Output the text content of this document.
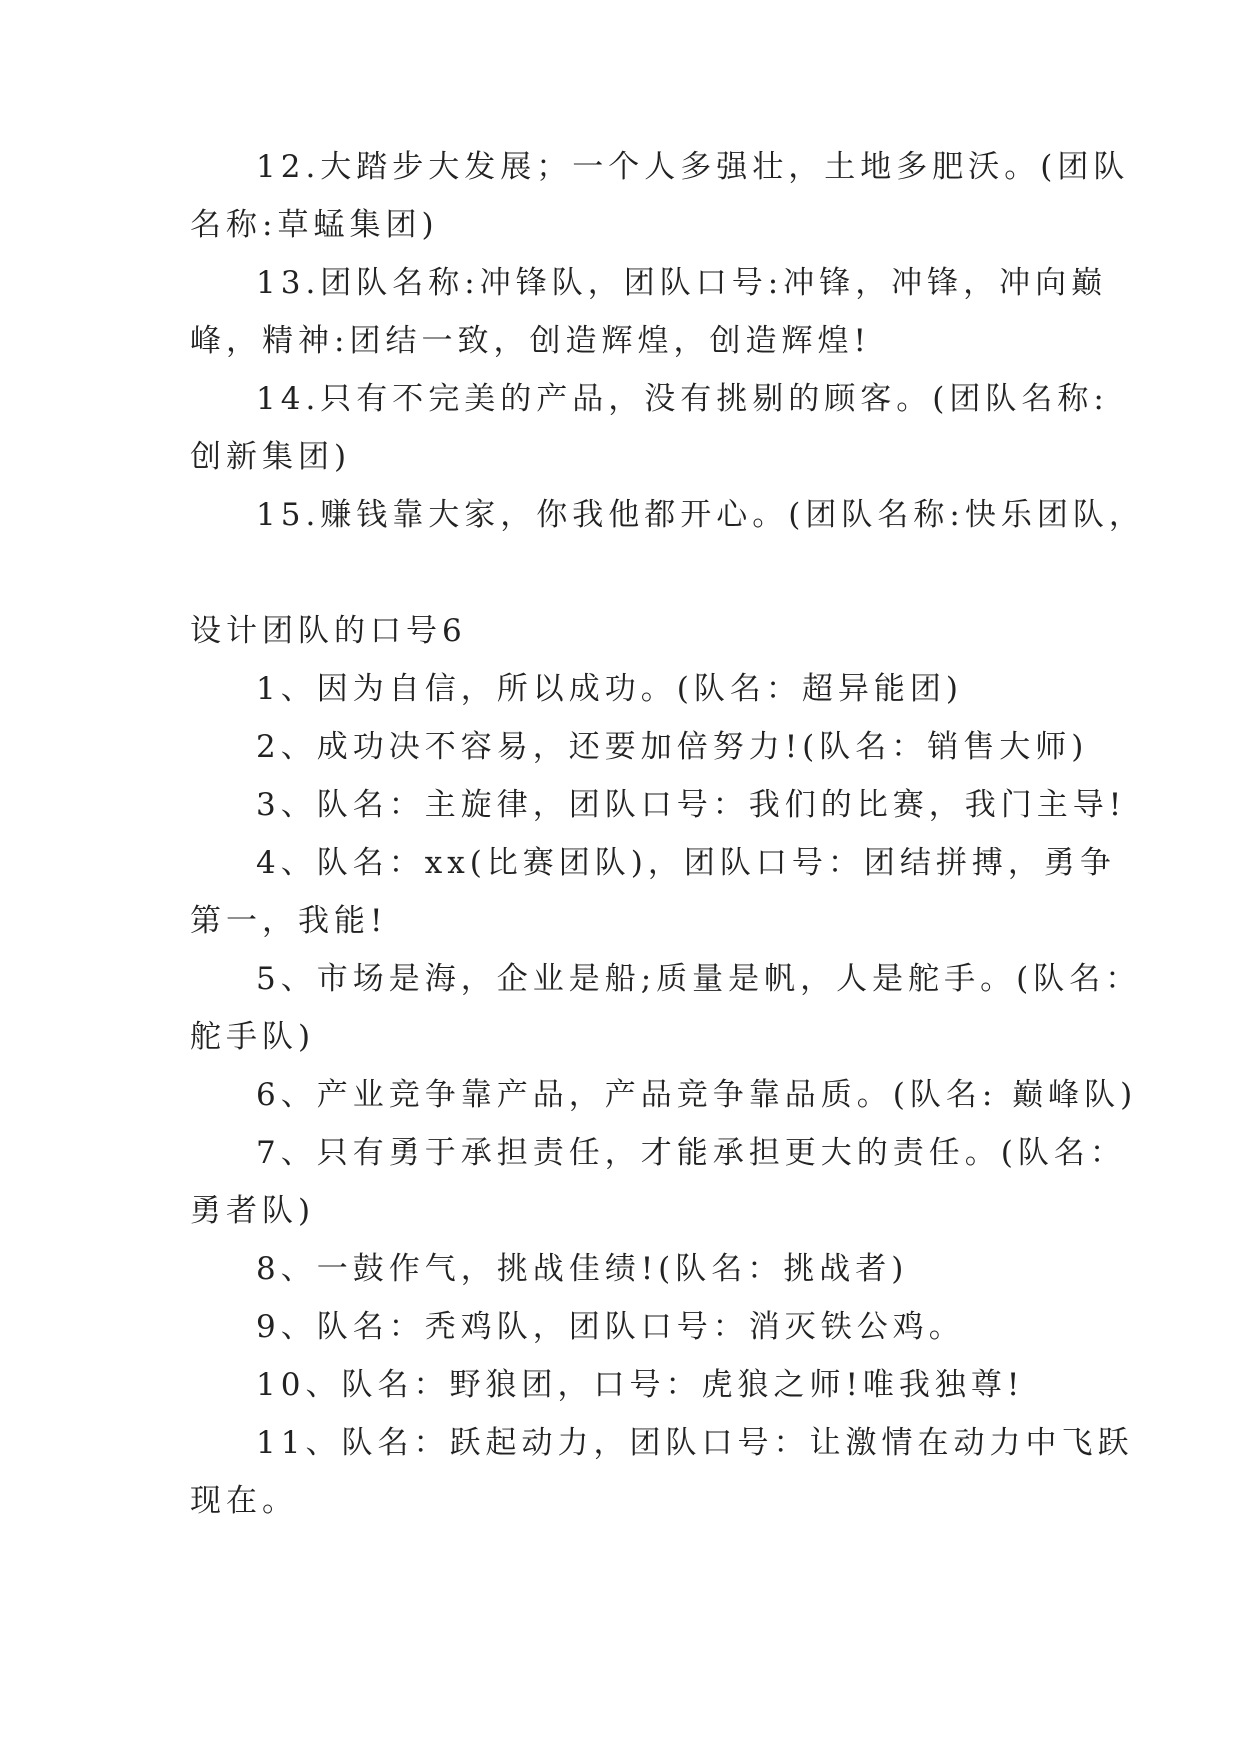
12.大踏步大发展；一个人多强壮，土地多肥沃。(团队
名称:草蜢集团)
13.团队名称:冲锋队，团队口号:冲锋，冲锋，冲向巅
峰，精神:团结一致，创造辉煌，创造辉煌!
14.只有不完美的产品，没有挑剔的顾客。(团队名称:
创新集团)
15.赚钱靠大家，你我他都开心。(团队名称:快乐团队，
设计团队的口号6
1、因为自信，所以成功。(队名：超异能团)
2、成功决不容易，还要加倍努力!(队名：销售大师)
3、队名：主旋律，团队口号：我们的比赛，我门主导!
4、队名：xx(比赛团队)，团队口号：团结拼搏，勇争
第一，我能!
5、市场是海，企业是船;质量是帆，人是舵手。(队名：
舵手队)
6、产业竞争靠产品，产品竞争靠品质。(队名: 巅峰队)
7、只有勇于承担责任，才能承担更大的责任。(队名：
勇者队)
8、一鼓作气，挑战佳绩!(队名：挑战者)
9、队名：秃鸡队，团队口号：消灭铁公鸡。
10、队名：野狼团，口号：虎狼之师!唯我独尊!
11、队名：跃起动力，团队口号：让激情在动力中飞跃
现在。
